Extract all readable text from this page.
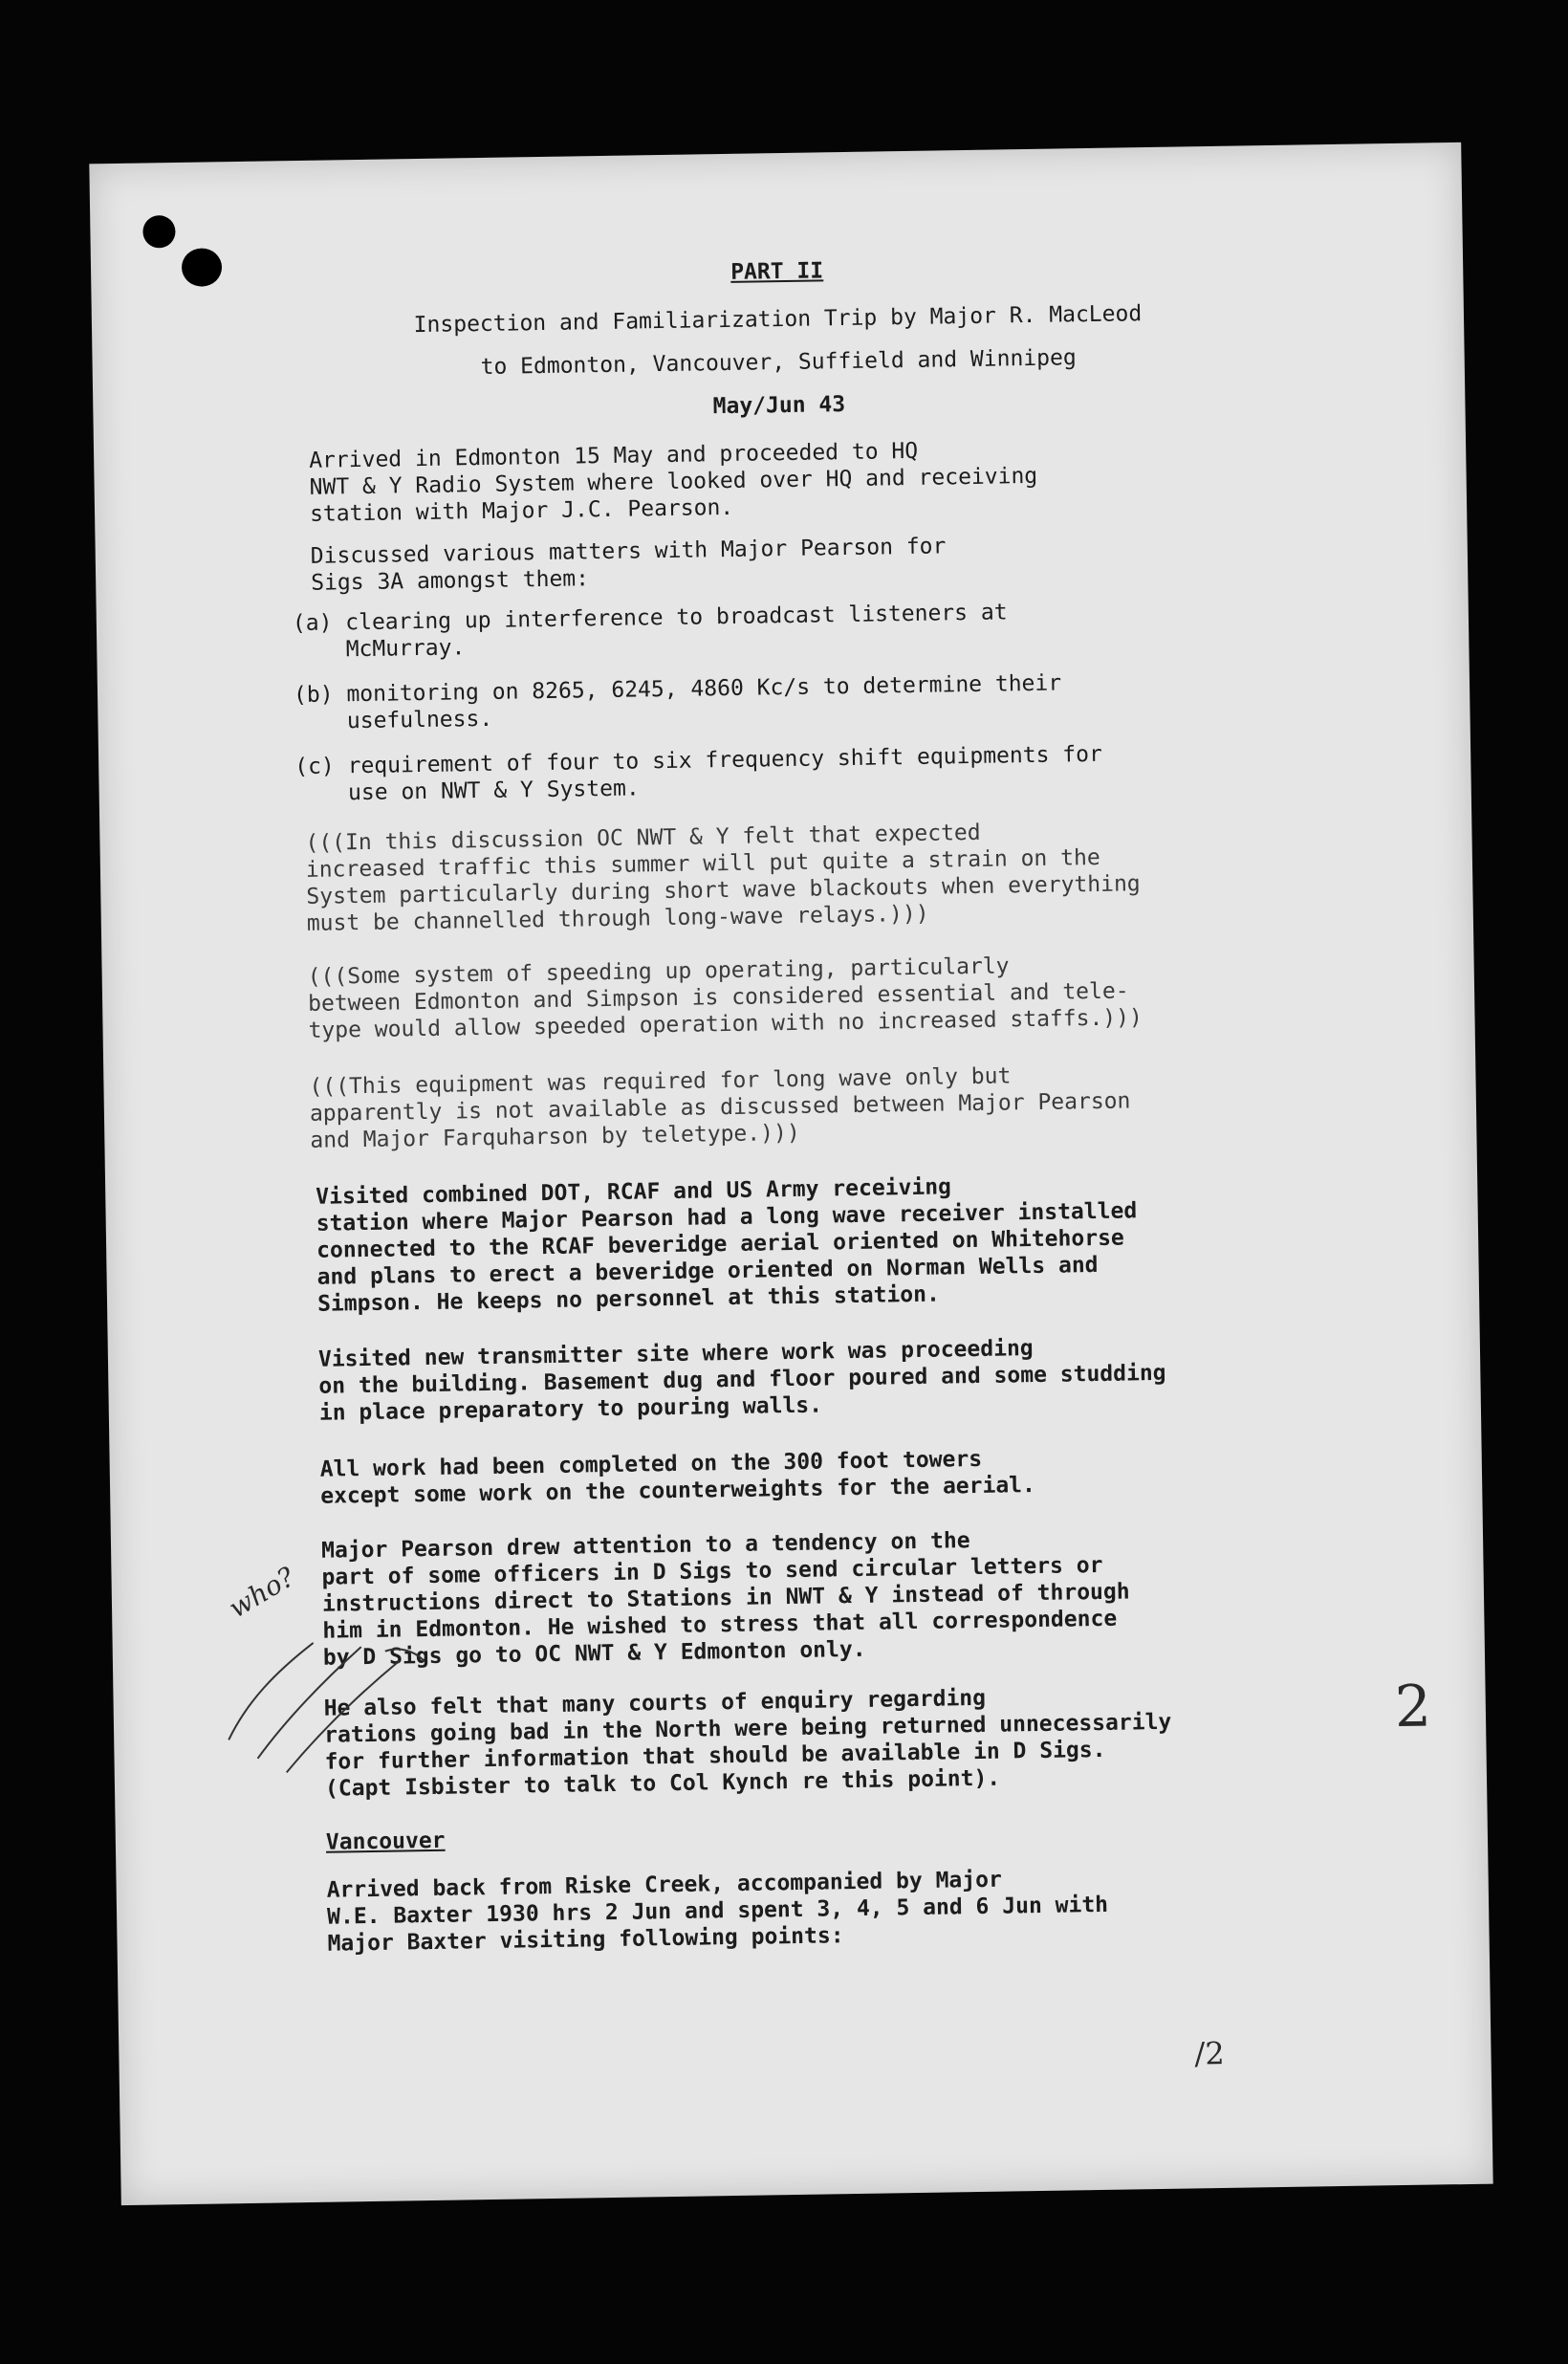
PART II
Inspection and Familiarization Trip by Major R. MacLeod
to Edmonton, Vancouver, Suffield and Winnipeg
May/Jun 43
Arrived in Edmonton 15 May and proceeded to HQ
NWT & Y Radio System where looked over HQ and receiving
station with Major J.C. Pearson.
Discussed various matters with Major Pearson for
Sigs 3A amongst them:
(a) clearing up interference to broadcast listeners at
McMurray.
(b) monitoring on 8265, 6245, 4860 Kc/s to determine their
usefulness.
(c) requirement of four to six frequency shift equipments for
use on NWT & Y System.
(((In this discussion OC NWT & Y felt that expected
increased traffic this summer will put quite a strain on the
System particularly during short wave blackouts when everything
must be channelled through long-wave relays.)))
(((Some system of speeding up operating, particularly
between Edmonton and Simpson is considered essential and tele-
type would allow speeded operation with no increased staffs.)))
(((This equipment was required for long wave only but
apparently is not available as discussed between Major Pearson
and Major Farquharson by teletype.)))
Visited combined DOT, RCAF and US Army receiving
station where Major Pearson had a long wave receiver installed
connected to the RCAF beveridge aerial oriented on Whitehorse
and plans to erect a beveridge oriented on Norman Wells and
Simpson. He keeps no personnel at this station.
Visited new transmitter site where work was proceeding
on the building. Basement dug and floor poured and some studding
in place preparatory to pouring walls.
All work had been completed on the 300 foot towers
except some work on the counterweights for the aerial.
Major Pearson drew attention to a tendency on the
part of some officers in D Sigs to send circular letters or
instructions direct to Stations in NWT & Y instead of through
him in Edmonton. He wished to stress that all correspondence
by D Sigs go to OC NWT & Y Edmonton only.
He also felt that many courts of enquiry regarding
rations going bad in the North were being returned unnecessarily
for further information that should be available in D Sigs.
(Capt Isbister to talk to Col Kynch re this point).
Vancouver
Arrived back from Riske Creek, accompanied by Major
W.E. Baxter 1930 hrs 2 Jun and spent 3, 4, 5 and 6 Jun with
Major Baxter visiting following points:
who?
2
/2
